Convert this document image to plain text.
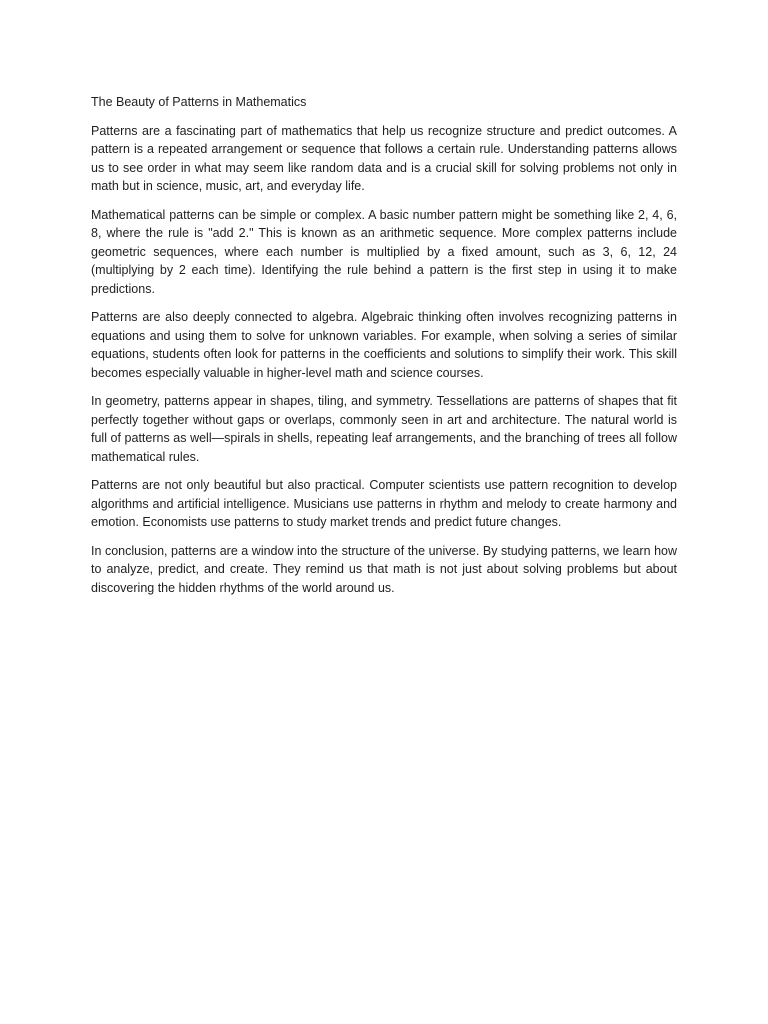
The Beauty of Patterns in Mathematics

Patterns are a fascinating part of mathematics that help us recognize structure and predict outcomes. A pattern is a repeated arrangement or sequence that follows a certain rule. Understanding patterns allows us to see order in what may seem like random data and is a crucial skill for solving problems not only in math but in science, music, art, and everyday life.

Mathematical patterns can be simple or complex. A basic number pattern might be something like 2, 4, 6, 8, where the rule is "add 2." This is known as an arithmetic sequence. More complex patterns include geometric sequences, where each number is multiplied by a fixed amount, such as 3, 6, 12, 24 (multiplying by 2 each time). Identifying the rule behind a pattern is the first step in using it to make predictions.

Patterns are also deeply connected to algebra. Algebraic thinking often involves recognizing patterns in equations and using them to solve for unknown variables. For example, when solving a series of similar equations, students often look for patterns in the coefficients and solutions to simplify their work. This skill becomes especially valuable in higher-level math and science courses.

In geometry, patterns appear in shapes, tiling, and symmetry. Tessellations are patterns of shapes that fit perfectly together without gaps or overlaps, commonly seen in art and architecture. The natural world is full of patterns as well—spirals in shells, repeating leaf arrangements, and the branching of trees all follow mathematical rules.

Patterns are not only beautiful but also practical. Computer scientists use pattern recognition to develop algorithms and artificial intelligence. Musicians use patterns in rhythm and melody to create harmony and emotion. Economists use patterns to study market trends and predict future changes.

In conclusion, patterns are a window into the structure of the universe. By studying patterns, we learn how to analyze, predict, and create. They remind us that math is not just about solving problems but about discovering the hidden rhythms of the world around us.
